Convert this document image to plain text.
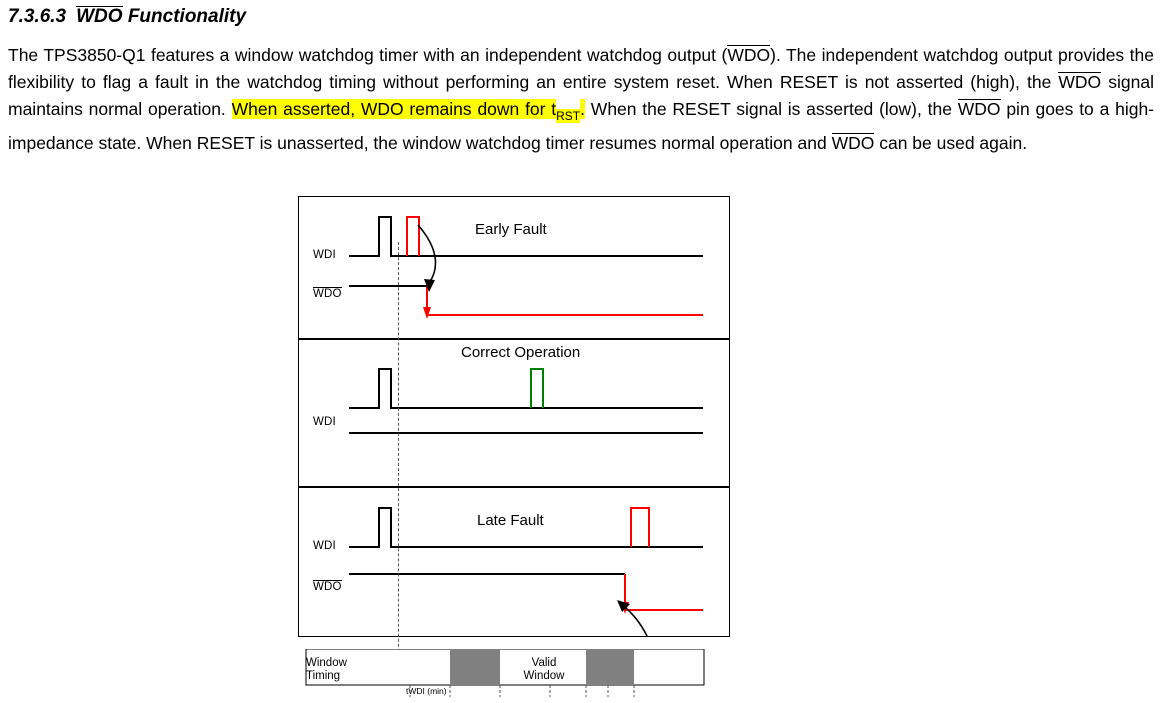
7.3.6.3 WDO Functionality
The TPS3850-Q1 features a window watchdog timer with an independent watchdog output (WDO). The independent watchdog output provides the flexibility to flag a fault in the watchdog timing without performing an entire system reset. When RESET is not asserted (high), the WDO signal maintains normal operation. When asserted, WDO remains down for $t_{RST}$. When the RESET signal is asserted (low), the WDO pin goes to a high-impedance state. When RESET is unasserted, the window watchdog timer resumes normal operation and WDO can be used again.
WDI
WDO
Early Fault
WDI
Correct Operation
WDI
WDO
Late Fault
Window
Timing
Valid
Window
tWDI (min)
